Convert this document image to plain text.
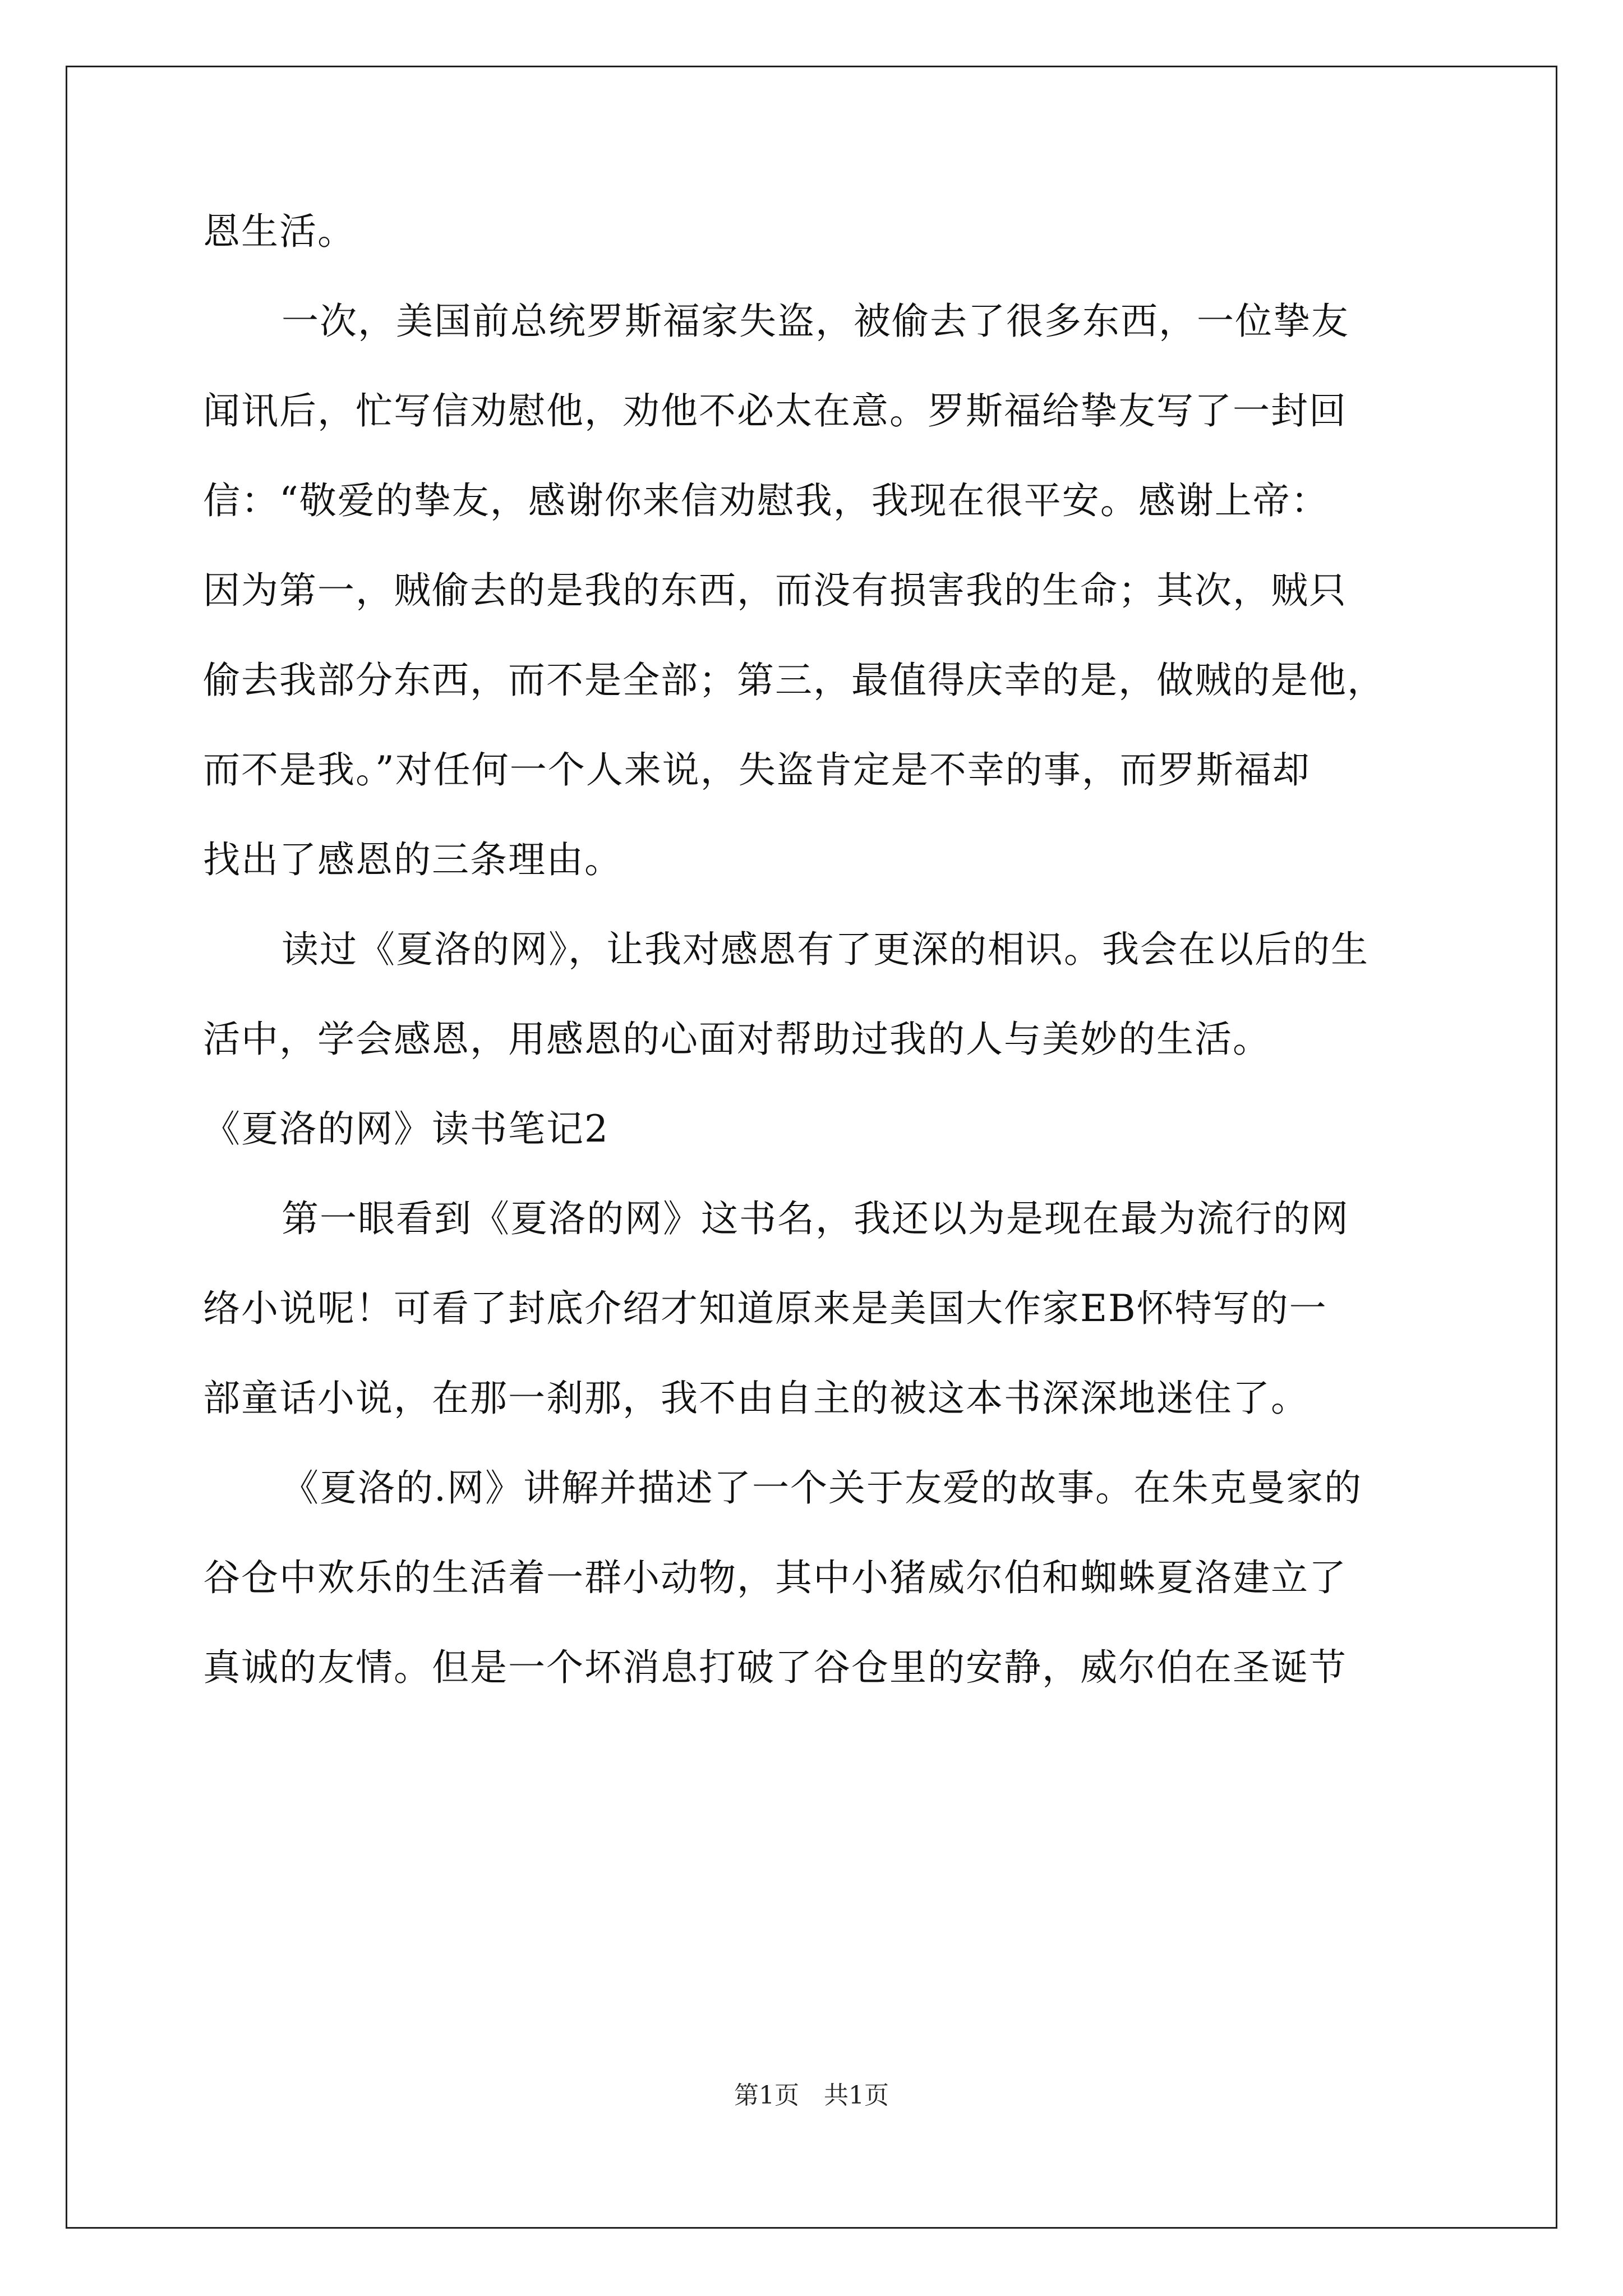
恩生活。

一次，美国前总统罗斯福家失盗，被偷去了很多东西，一位挚友

闻讯后，忙写信劝慰他，劝他不必太在意。罗斯福给挚友写了一封回

信：“敬爱的挚友，感谢你来信劝慰我，我现在很平安。感谢上帝：

因为第一，贼偷去的是我的东西，而没有损害我的生命；其次，贼只

偷去我部分东西，而不是全部；第三，最值得庆幸的是，做贼的是他，

而不是我。”对任何一个人来说，失盗肯定是不幸的事，而罗斯福却

找出了感恩的三条理由。

读过《夏洛的网》，让我对感恩有了更深的相识。我会在以后的生

活中，学会感恩，用感恩的心面对帮助过我的人与美妙的生活。

《夏洛的网》读书笔记2

第一眼看到《夏洛的网》这书名，我还以为是现在最为流行的网

络小说呢！可看了封底介绍才知道原来是美国大作家EB怀特写的一

部童话小说，在那一刹那，我不由自主的被这本书深深地迷住了。

《夏洛的.网》讲解并描述了一个关于友爱的故事。在朱克曼家的

谷仓中欢乐的生活着一群小动物，其中小猪威尔伯和蜘蛛夏洛建立了

真诚的友情。但是一个坏消息打破了谷仓里的安静，威尔伯在圣诞节

第1页　共1页
